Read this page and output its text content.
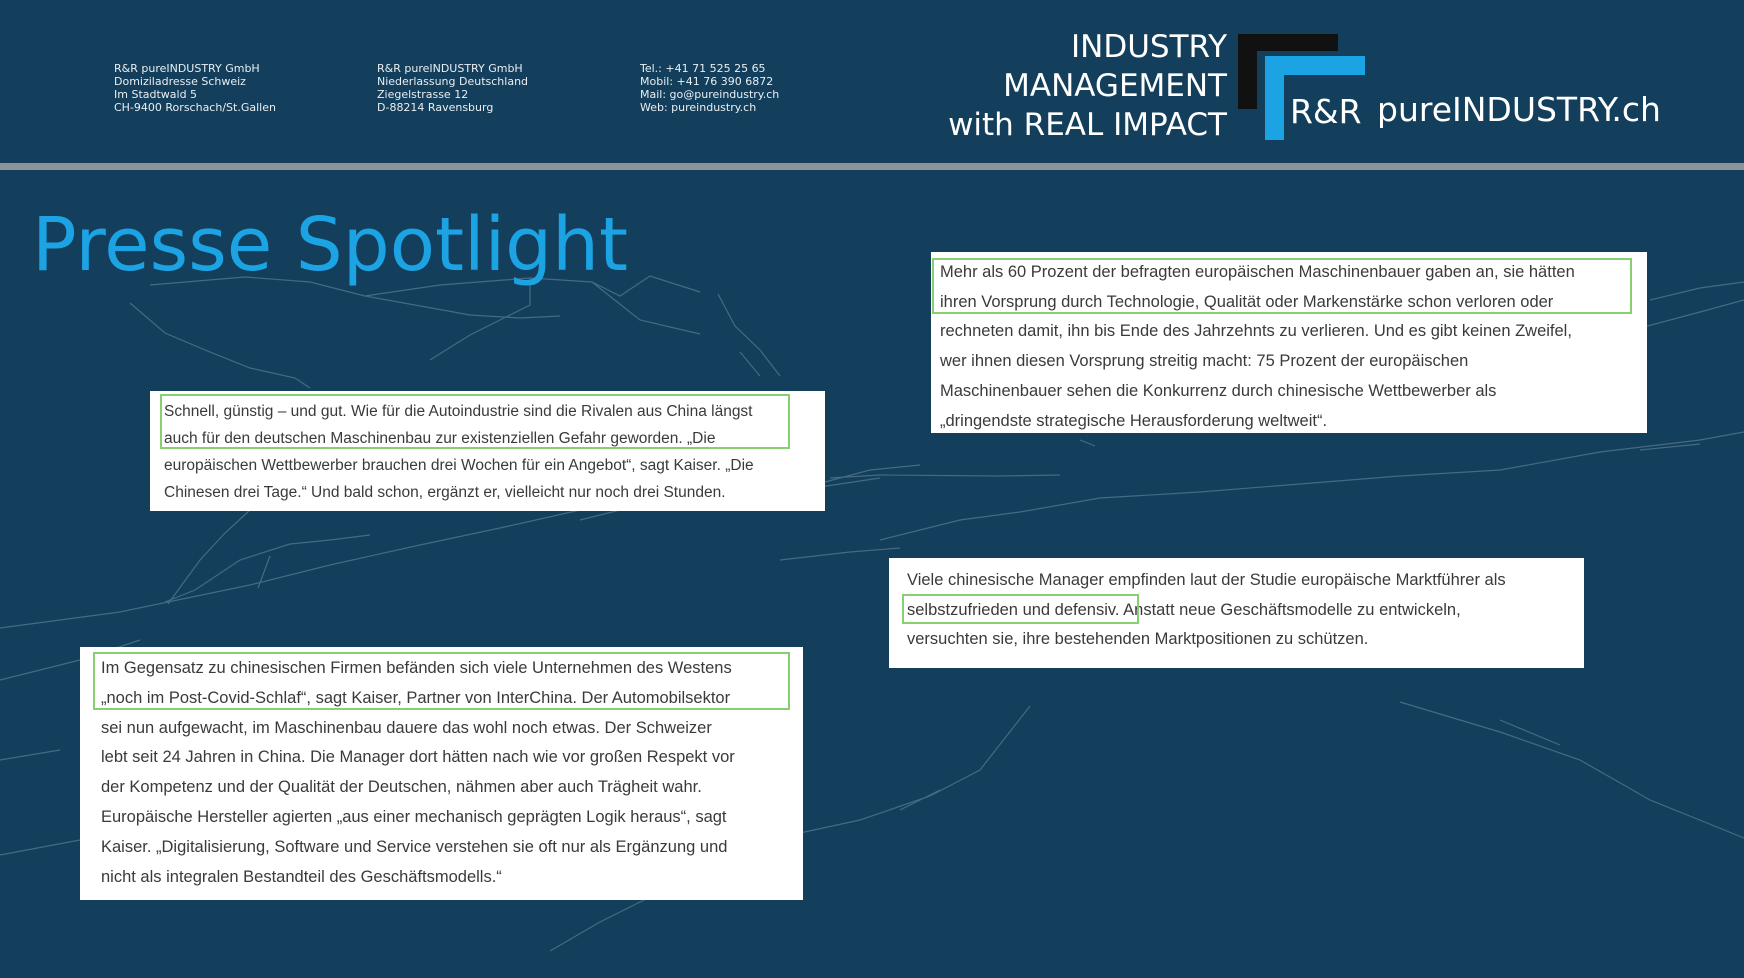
R&R pureINDUSTRY GmbH
Domiziladresse Schweiz
Im Stadtwald 5
CH-9400 Rorschach/St.Gallen
R&R pureINDUSTRY GmbH
Niederlassung Deutschland
Ziegelstrasse 12
D-88214 Ravensburg
Tel.: +41 71 525 25 65
Mobil: +41 76 390 6872
Mail: go@pureindustry.ch
Web: pureindustry.ch
INDUSTRY
MANAGEMENT
with REAL IMPACT R&R pureINDUSTRY.ch
Presse Spotlight
Schnell, günstig – und gut. Wie für die Autoindustrie sind die Rivalen aus China längst
auch für den deutschen Maschinenbau zur existenziellen Gefahr geworden. „Die
europäischen Wettbewerber brauchen drei Wochen für ein Angebot“, sagt Kaiser. „Die
Chinesen drei Tage.“ Und bald schon, ergänzt er, vielleicht nur noch drei Stunden.
Mehr als 60 Prozent der befragten europäischen Maschinenbauer gaben an, sie hätten
ihren Vorsprung durch Technologie, Qualität oder Markenstärke schon verloren oder
rechneten damit, ihn bis Ende des Jahrzehnts zu verlieren. Und es gibt keinen Zweifel,
wer ihnen diesen Vorsprung streitig macht: 75 Prozent der europäischen
Maschinenbauer sehen die Konkurrenz durch chinesische Wettbewerber als
„dringendste strategische Herausforderung weltweit“.
Viele chinesische Manager empfinden laut der Studie europäische Marktführer als
selbstzufrieden und defensiv. Anstatt neue Geschäftsmodelle zu entwickeln,
versuchten sie, ihre bestehenden Marktpositionen zu schützen.
Im Gegensatz zu chinesischen Firmen befänden sich viele Unternehmen des Westens
„noch im Post-Covid-Schlaf“, sagt Kaiser, Partner von InterChina. Der Automobilsektor
sei nun aufgewacht, im Maschinenbau dauere das wohl noch etwas. Der Schweizer
lebt seit 24 Jahren in China. Die Manager dort hätten nach wie vor großen Respekt vor
der Kompetenz und der Qualität der Deutschen, nähmen aber auch Trägheit wahr.
Europäische Hersteller agierten „aus einer mechanisch geprägten Logik heraus“, sagt
Kaiser. „Digitalisierung, Software und Service verstehen sie oft nur als Ergänzung und
nicht als integralen Bestandteil des Geschäftsmodells.“
